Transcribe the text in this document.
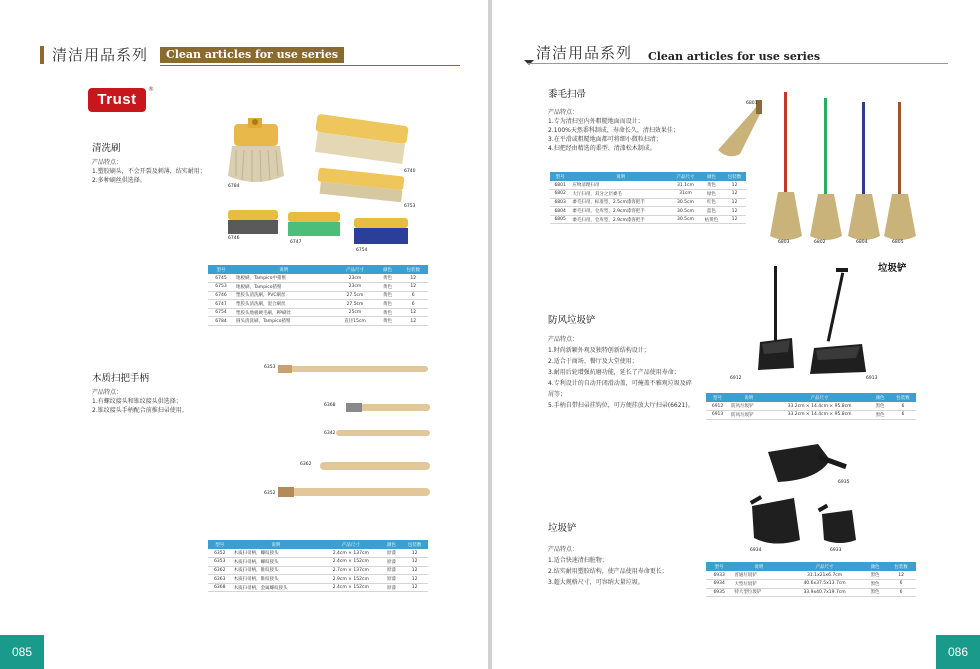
清洁用品系列	Clean articles for use series
Trust
®
清洗刷

产品特点：

1.塑胶刷头，不会开裂及刺薄，结实耐用；

2.多种刷丝供选择。

6784
6740
6753
6746
6747
6754
型号	说明	产品尺寸	颜色	包装数
6745	地板刷，Tampico中猪鬃	23cm	黄色	12
6753	地板刷，Tampico猪鬃	23cm	黄色	12
6746	塑胶头清洗刷，PVC刷丝	27.5cm	黄色	6
6747	塑胶头清洗刷，混合刷丝	27.5cm	黄色	6
6754	塑胶头地板硬毛刷，PP刷丝	25cm	黄色	12
6784	圆头清洗刷，Tampico猪鬃	直径15cm	黄色	12
木质扫把手柄

产品特点：

1.有螺纹接头和锥纹接头供选择；

2.锥纹接头手柄配合前推扫帚使用。

6353
6368
6342
6362
6352
型号	说明	产品尺寸	颜色	包装数
6352	木质扫帚柄，螺纹接头	2.4cm × 137cm	原漆	12
6353	木质扫帚柄，螺纹接头	2.4cm × 152cm	原漆	12
6362	木质扫帚柄，锥纹接头	2.7cm × 137cm	原漆	12
6363	木质扫帚柄，锥纹接头	2.9cm × 152cm	原漆	12
6368	木质扫帚柄，金属螺纹接头	2.4cm × 152cm	原漆	12
085
清洁用品系列 Clean articles for use series
黍毛扫帚

产品特点：

1.专为清扫室内外粗糙地面而设计；

2.100%天然黍科制成，寿命长久，清扫效果佳；

3.在平滑或粗糙地面都可将细小微粒扫清；

4.扫把经由精选的黍型、清漆松木制成。

6801
6803	6802	6804	6805
型号	说明	产品尺寸	颜色	包装数
6801	应物清理扫帚	31.1cm	黄色	12
6802	大厅扫帚，双分之层黍毛	31cm	绿色	12
6803	黍毛扫帚，标准型，2.5cm漆客把手	30.5cm	红色	12
6804	黍毛扫帚，仓库型，2.9cm漆客把手	30.5cm	蓝色	12
6805	黍毛扫帚，仓库型，2.9cm漆客把手	30.5cm	枯黄色	12
垃圾铲
防风垃圾铲

产品特点：

1.时尚新颖外观及独特创新结构设计；

2.适合于商场、餐厅及大堂使用；

3.耐用后轮增强抗磨功能，延长了产品使用寿命；

4.专利设计的自动开闭滑动盖，可掩盖不雅观垃圾及碎

屑等；

5.手柄自带扫帚挂钩位，可方便挂放大厅扫帚(6621)。

6912	6913
型号	说明	产品尺寸	颜色	包装数
6912	防风垃圾铲	33.2cm × 14.4cm × 95.8cm	黑色	6
6913	防风垃圾铲	33.2cm × 14.4cm × 95.8cm	黑色	6
垃圾铲

产品特点：

1.适合快速清扫脏物；

2.结实耐用塑胶结构，使产品使用寿命更长；

3.超大规格尺寸，可容纳大量垃圾。

6935
6934	6933
型号	说明	产品尺寸	颜色	包装数
6933	普通垃圾铲	31.1x21x6.7cm	黑色	12
6934	大型垃圾铲	40.6x37.5x13.7cm	黑色	6
6935	特大型垃圾铲	33.9x40.7x19.7cm	黑色	6
086
